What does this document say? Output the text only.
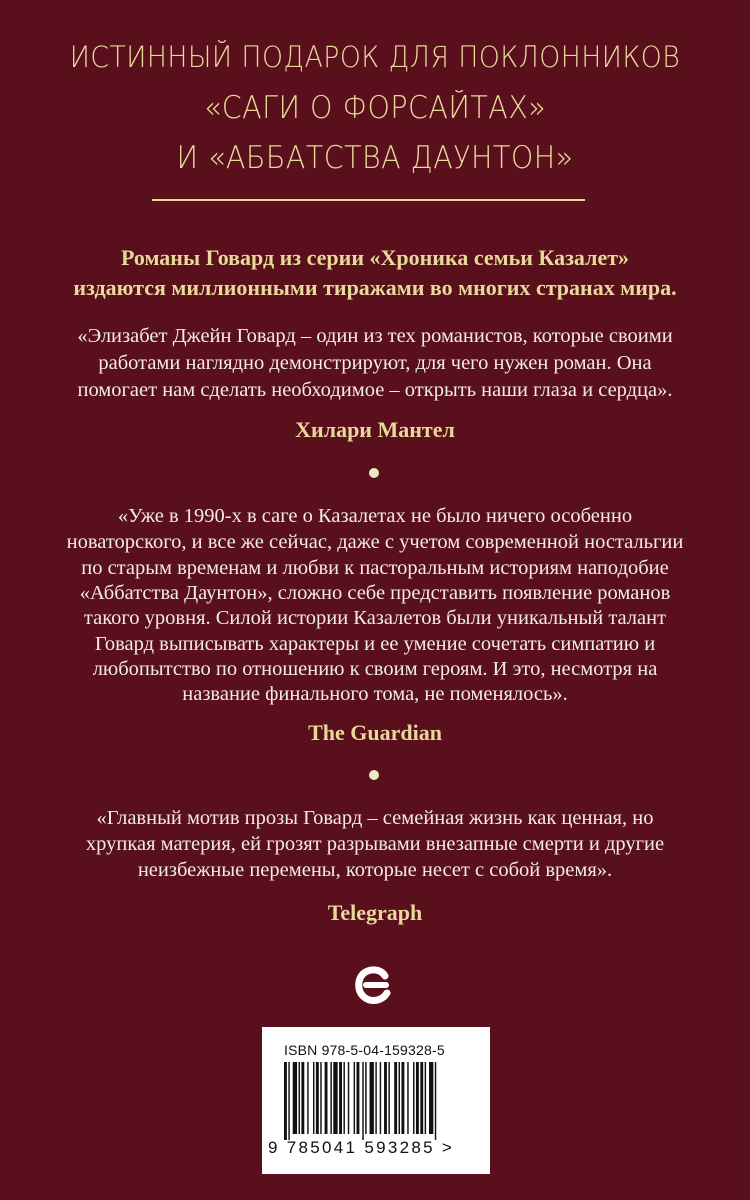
ИСТИННЫЙ ПОДАРОК ДЛЯ ПОКЛОННИКОВ
«САГИ О ФОРСАЙТАХ»
И «АББАТСТВА ДАУНТОН»
Романы Говард из серии «Хроника семьи Казалет»
издаются миллионными тиражами во многих странах мира.
«Элизабет Джейн Говард – один из тех романистов, которые своими
работами наглядно демонстрируют, для чего нужен роман. Она
помогает нам сделать необходимое – открыть наши глаза и сердца».
Хилари Мантел
«Уже в 1990-х в саге о Казалетах не было ничего особенно
новаторского, и все же сейчас, даже с учетом современной ностальгии
по старым временам и любви к пасторальным историям наподобие
«Аббатства Даунтон», сложно себе представить появление романов
такого уровня. Силой истории Казалетов были уникальный талант
Говард выписывать характеры и ее умение сочетать симпатию и
любопытство по отношению к своим героям. И это, несмотря на
название финального тома, не поменялось».
The Guardian
«Главный мотив прозы Говард – семейная жизнь как ценная, но
хрупкая материя, ей грозят разрывами внезапные смерти и другие
неизбежные перемены, которые несет с собой время».
Telegraph
ISBN 978-5-04-159328-5
9 785041 593285 >
